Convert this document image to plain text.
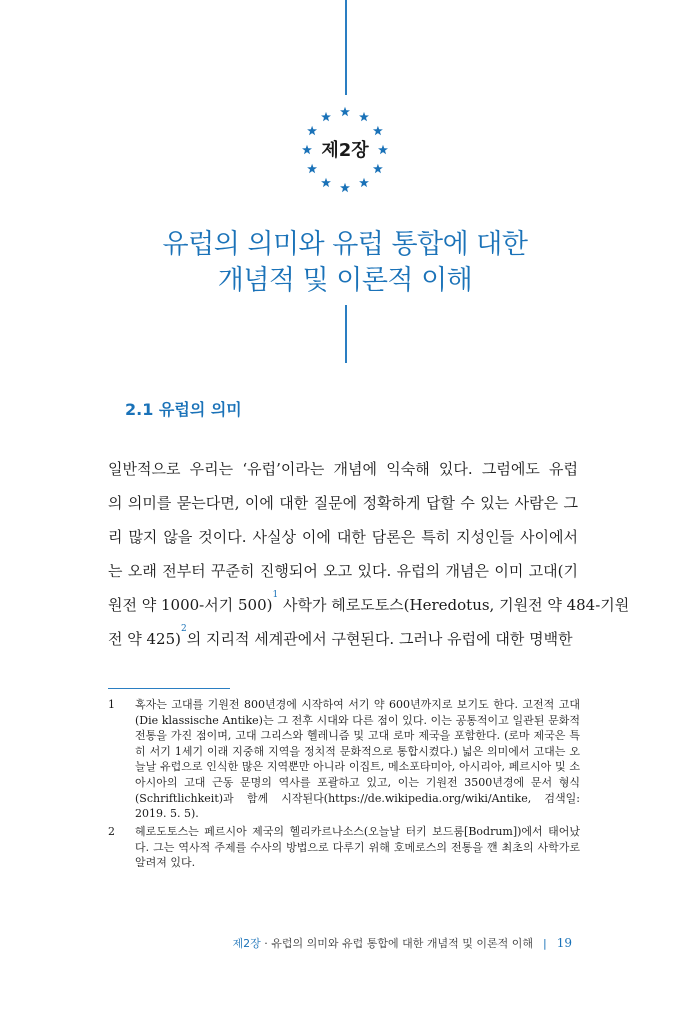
제2장
유럽의 의미와 유럽 통합에 대한
개념적 및 이론적 이해
2.1 유럽의 의미
일반적으로 우리는 ‘유럽’이라는 개념에 익숙해 있다. 그럼에도 유럽
의 의미를 묻는다면, 이에 대한 질문에 정확하게 답할 수 있는 사람은 그
리 많지 않을 것이다. 사실상 이에 대한 담론은 특히 지성인들 사이에서
는 오래 전부터 꾸준히 진행되어 오고 있다. 유럽의 개념은 이미 고대(기
원전 약 1000-서기 500)$^1$ 사학가 헤로도토스(Heredotus, 기원전 약 484-기원
전 약 425)$^2$의 지리적 세계관에서 구현된다. 그러나 유럽에 대한 명백한
1 혹자는 고대를 기원전 800년경에 시작하여 서기 약 600년까지로 보기도 한다. 고전적 고대(Die klassische Antike)는 그 전후 시대와 다른 점이 있다. 이는 공통적이고 일관된 문화적 전통을 가진 점이며, 고대 그리스와 헬레니즘 및 고대 로마 제국을 포함한다. (로마 제국은 특히 서기 1세기 이래 지중해 지역을 정치적 문화적으로 통합시켰다.) 넓은 의미에서 고대는 오늘날 유럽으로 인식한 많은 지역뿐만 아니라 이집트, 메소포타미아, 아시리아, 페르시아 및 소아시아의 고대 근동 문명의 역사를 포괄하고 있고, 이는 기원전 3500년경에 문서 형식(Schriftlichkeit)과 함께 시작된다(https://de.wikipedia.org/wiki/Antike, 검색일: 2019. 5. 5).
2 헤로도토스는 페르시아 제국의 헬리카르나소스(오늘날 터키 보드룸[Bodrum])에서 태어났다. 그는 역사적 주제를 수사의 방법으로 다루기 위해 호메로스의 전통을 깬 최초의 사학가로 알려져 있다.
제2장 · 유럽의 의미와 유럽 통합에 대한 개념적 및 이론적 이해 | 19
